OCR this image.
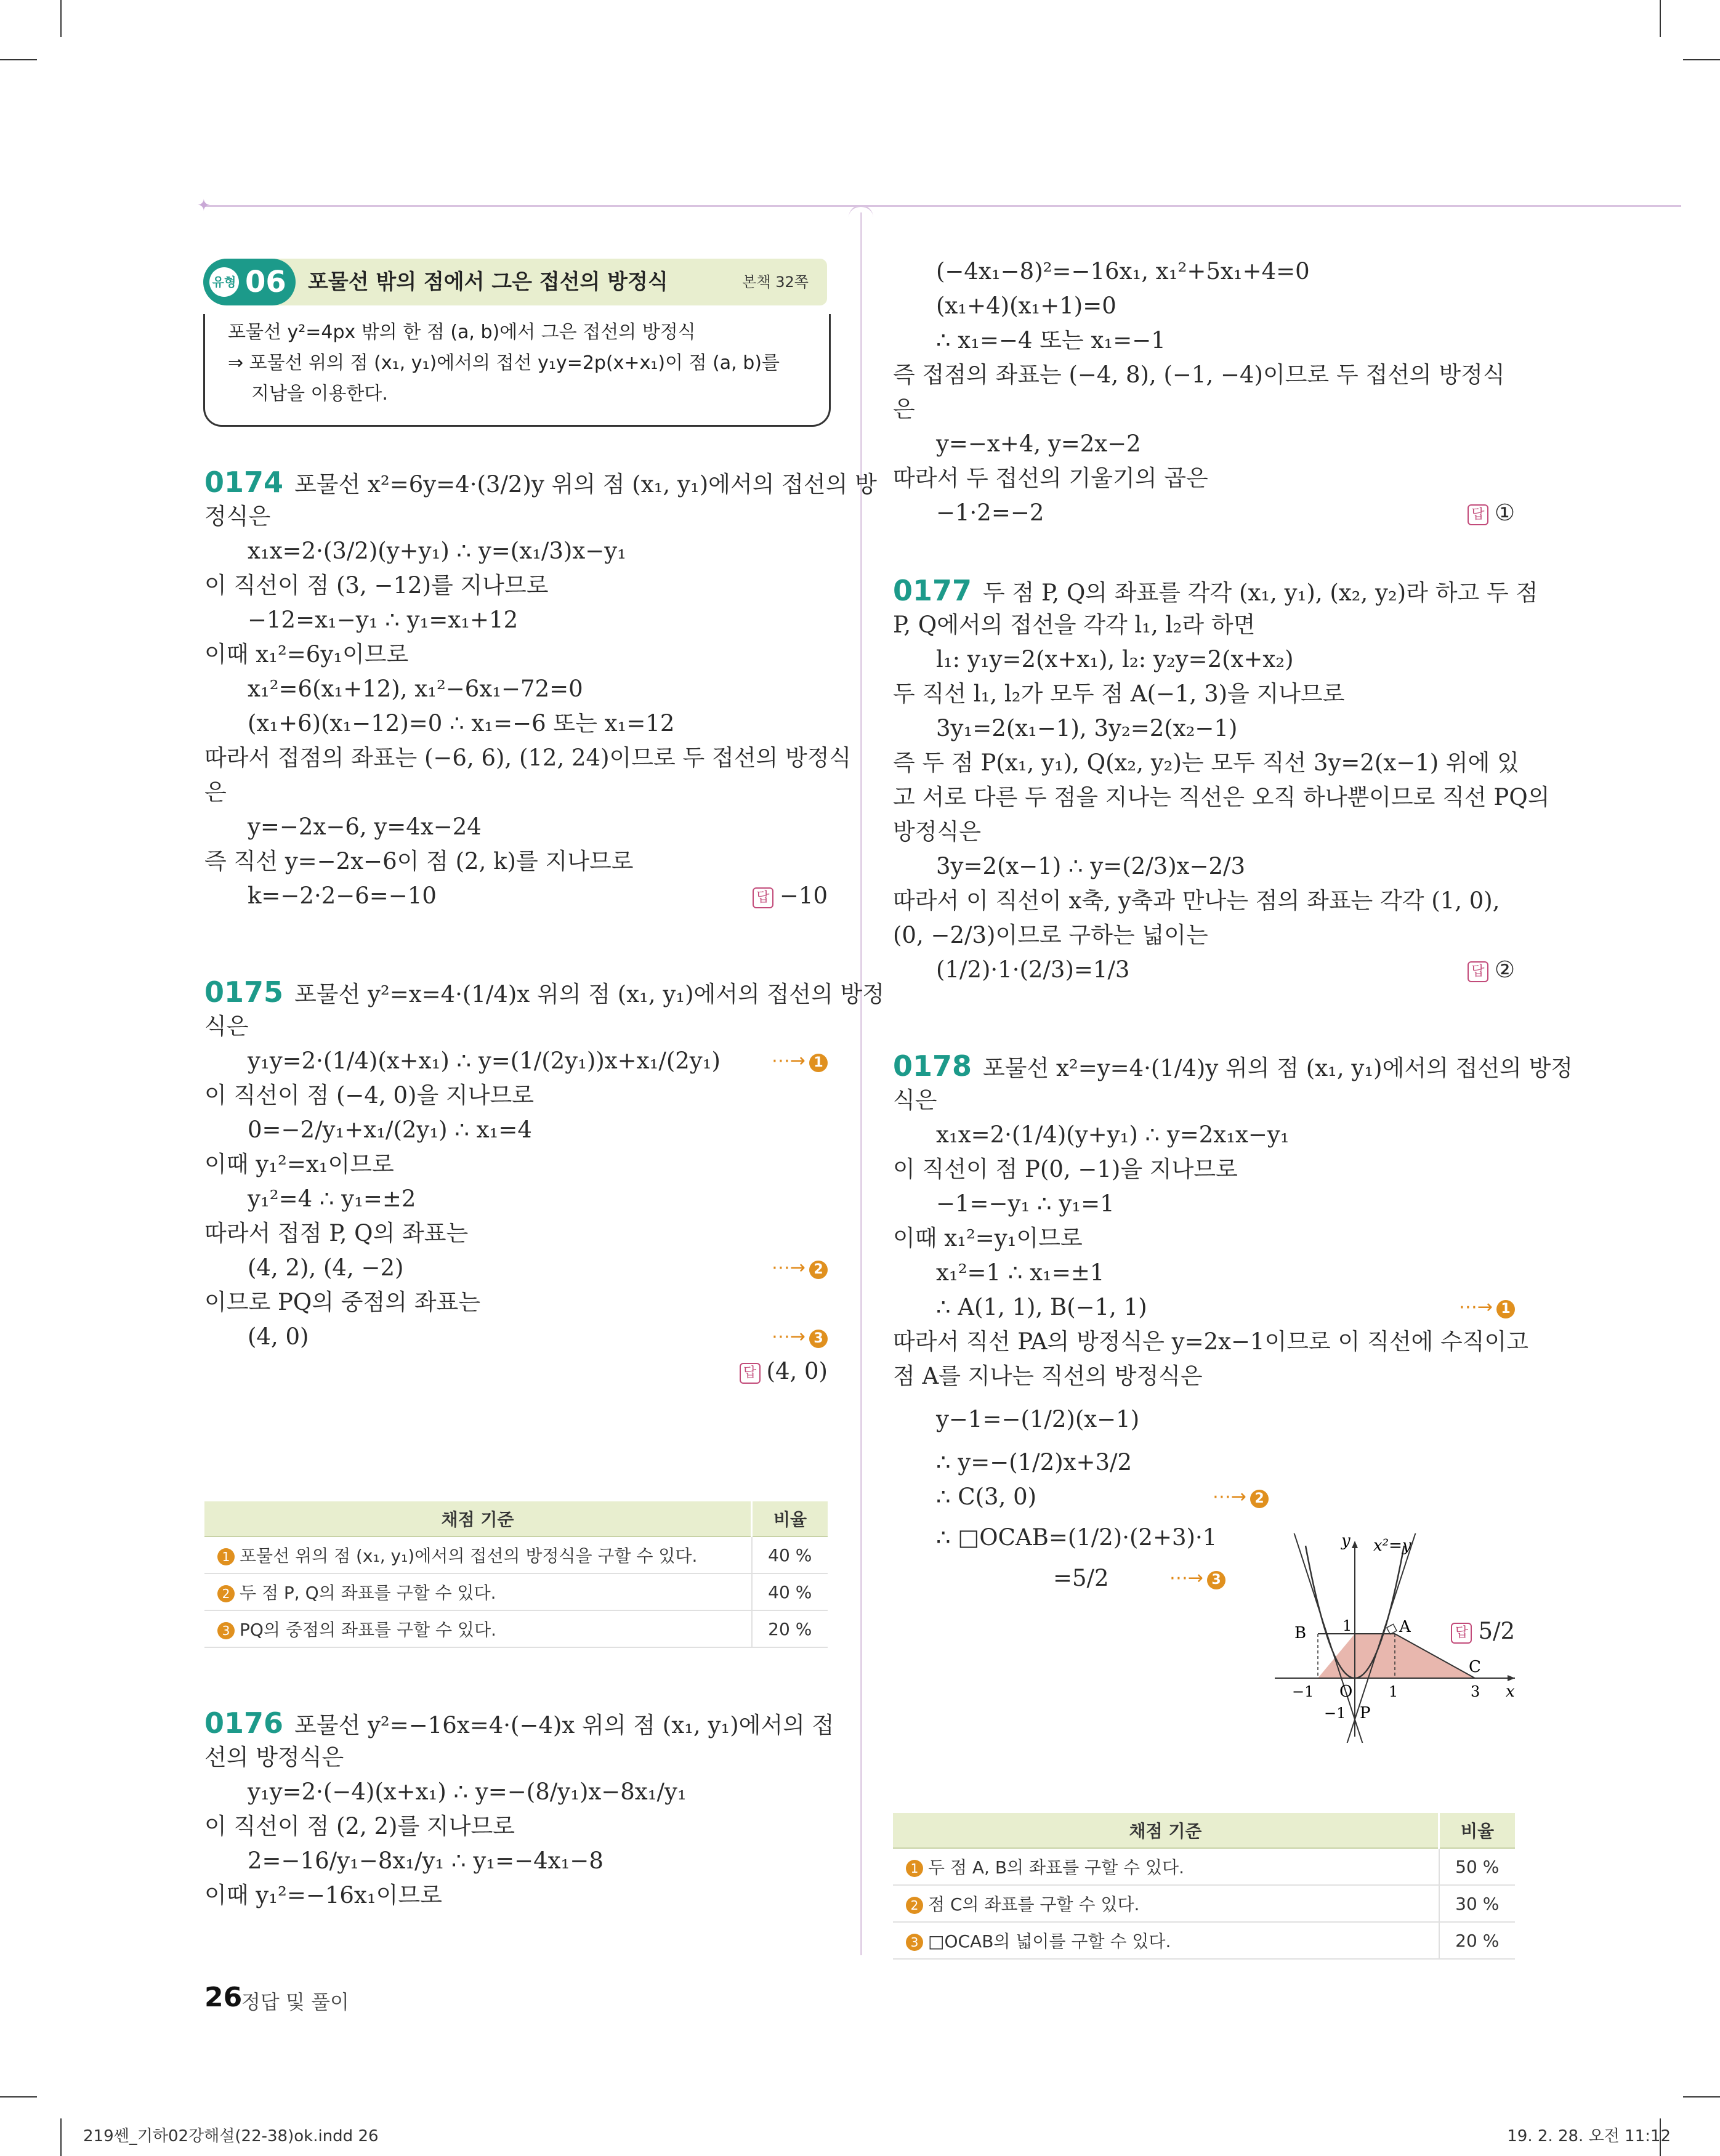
✦
유형 06 포물선 밖의 점에서 그은 접선의 방정식	본책 32쪽
포물선 y²=4px 밖의 한 점 (a, b)에서 그은 접선의 방정식
⇒ 포물선 위의 점 (x₁, y₁)에서의 접선 y₁y=2p(x+x₁)이 점 (a, b)를
지남을 이용한다.
0174 포물선 x²=6y=4·(3/2)y 위의 점 (x₁, y₁)에서의 접선의 방
정식은
x₁x=2·(3/2)(y+y₁) ∴ y=(x₁/3)x−y₁
이 직선이 점 (3, −12)를 지나므로
−12=x₁−y₁ ∴ y₁=x₁+12
이때 x₁²=6y₁이므로
x₁²=6(x₁+12), x₁²−6x₁−72=0
(x₁+6)(x₁−12)=0 ∴ x₁=−6 또는 x₁=12
따라서 접점의 좌표는 (−6, 6), (12, 24)이므로 두 접선의 방정식
은
y=−2x−6, y=4x−24
즉 직선 y=−2x−6이 점 (2, k)를 지나므로
k=−2·2−6=−10	답 −10
0175 포물선 y²=x=4·(1/4)x 위의 점 (x₁, y₁)에서의 접선의 방정
식은
y₁y=2·(1/4)(x+x₁) ∴ y=(1/(2y₁))x+x₁/(2y₁)	⋯→ 1
이 직선이 점 (−4, 0)을 지나므로
0=−2/y₁+x₁/(2y₁) ∴ x₁=4
이때 y₁²=x₁이므로
y₁²=4 ∴ y₁=±2
따라서 접점 P, Q의 좌표는
(4, 2), (4, −2)	⋯→ 2
이므로 PQ의 중점의 좌표는
(4, 0)	⋯→ 3
답 (4, 0)
채점 기준	비율
1 포물선 위의 점 (x₁, y₁)에서의 접선의 방정식을 구할 수 있다.	40 %
2 두 점 P, Q의 좌표를 구할 수 있다.	40 %
3 PQ의 중점의 좌표를 구할 수 있다.	20 %
0176 포물선 y²=−16x=4·(−4)x 위의 점 (x₁, y₁)에서의 접
선의 방정식은
y₁y=2·(−4)(x+x₁) ∴ y=−(8/y₁)x−8x₁/y₁
이 직선이 점 (2, 2)를 지나므로
2=−16/y₁−8x₁/y₁ ∴ y₁=−4x₁−8
이때 y₁²=−16x₁이므로
(−4x₁−8)²=−16x₁, x₁²+5x₁+4=0
(x₁+4)(x₁+1)=0
∴ x₁=−4 또는 x₁=−1
즉 접점의 좌표는 (−4, 8), (−1, −4)이므로 두 접선의 방정식
은
y=−x+4, y=2x−2
따라서 두 접선의 기울기의 곱은
−1·2=−2	답 ①
0177 두 점 P, Q의 좌표를 각각 (x₁, y₁), (x₂, y₂)라 하고 두 점
P, Q에서의 접선을 각각 l₁, l₂라 하면
l₁: y₁y=2(x+x₁), l₂: y₂y=2(x+x₂)
두 직선 l₁, l₂가 모두 점 A(−1, 3)을 지나므로
3y₁=2(x₁−1), 3y₂=2(x₂−1)
즉 두 점 P(x₁, y₁), Q(x₂, y₂)는 모두 직선 3y=2(x−1) 위에 있
고 서로 다른 두 점을 지나는 직선은 오직 하나뿐이므로 직선 PQ의
방정식은
3y=2(x−1) ∴ y=(2/3)x−2/3
따라서 이 직선이 x축, y축과 만나는 점의 좌표는 각각 (1, 0),
(0, −2/3)이므로 구하는 넓이는
(1/2)·1·(2/3)=1/3	답 ②
0178 포물선 x²=y=4·(1/4)y 위의 점 (x₁, y₁)에서의 접선의 방정
식은
x₁x=2·(1/4)(y+y₁) ∴ y=2x₁x−y₁
이 직선이 점 P(0, −1)을 지나므로
−1=−y₁ ∴ y₁=1
이때 x₁²=y₁이므로
x₁²=1 ∴ x₁=±1
∴ A(1, 1), B(−1, 1)	⋯→ 1
따라서 직선 PA의 방정식은 y=2x−1이므로 이 직선에 수직이고
점 A를 지나는 직선의 방정식은
y−1=−(1/2)(x−1)
∴ y=−(1/2)x+3/2
∴ C(3, 0)	⋯→ 2
∴ □OCAB=(1/2)·(2+3)·1
=5/2	⋯→ 3
답 5/2
y
x
x²=y
A
B
C
O
P
−1	1	3
1
−1
채점 기준	비율
1 두 점 A, B의 좌표를 구할 수 있다.	50 %
2 점 C의 좌표를 구할 수 있다.	30 %
3 □OCAB의 넓이를 구할 수 있다.	20 %
26
정답 및 풀이
219쎈_기하02강해설(22-38)ok.indd 26	19. 2. 28. 오전 11:12
